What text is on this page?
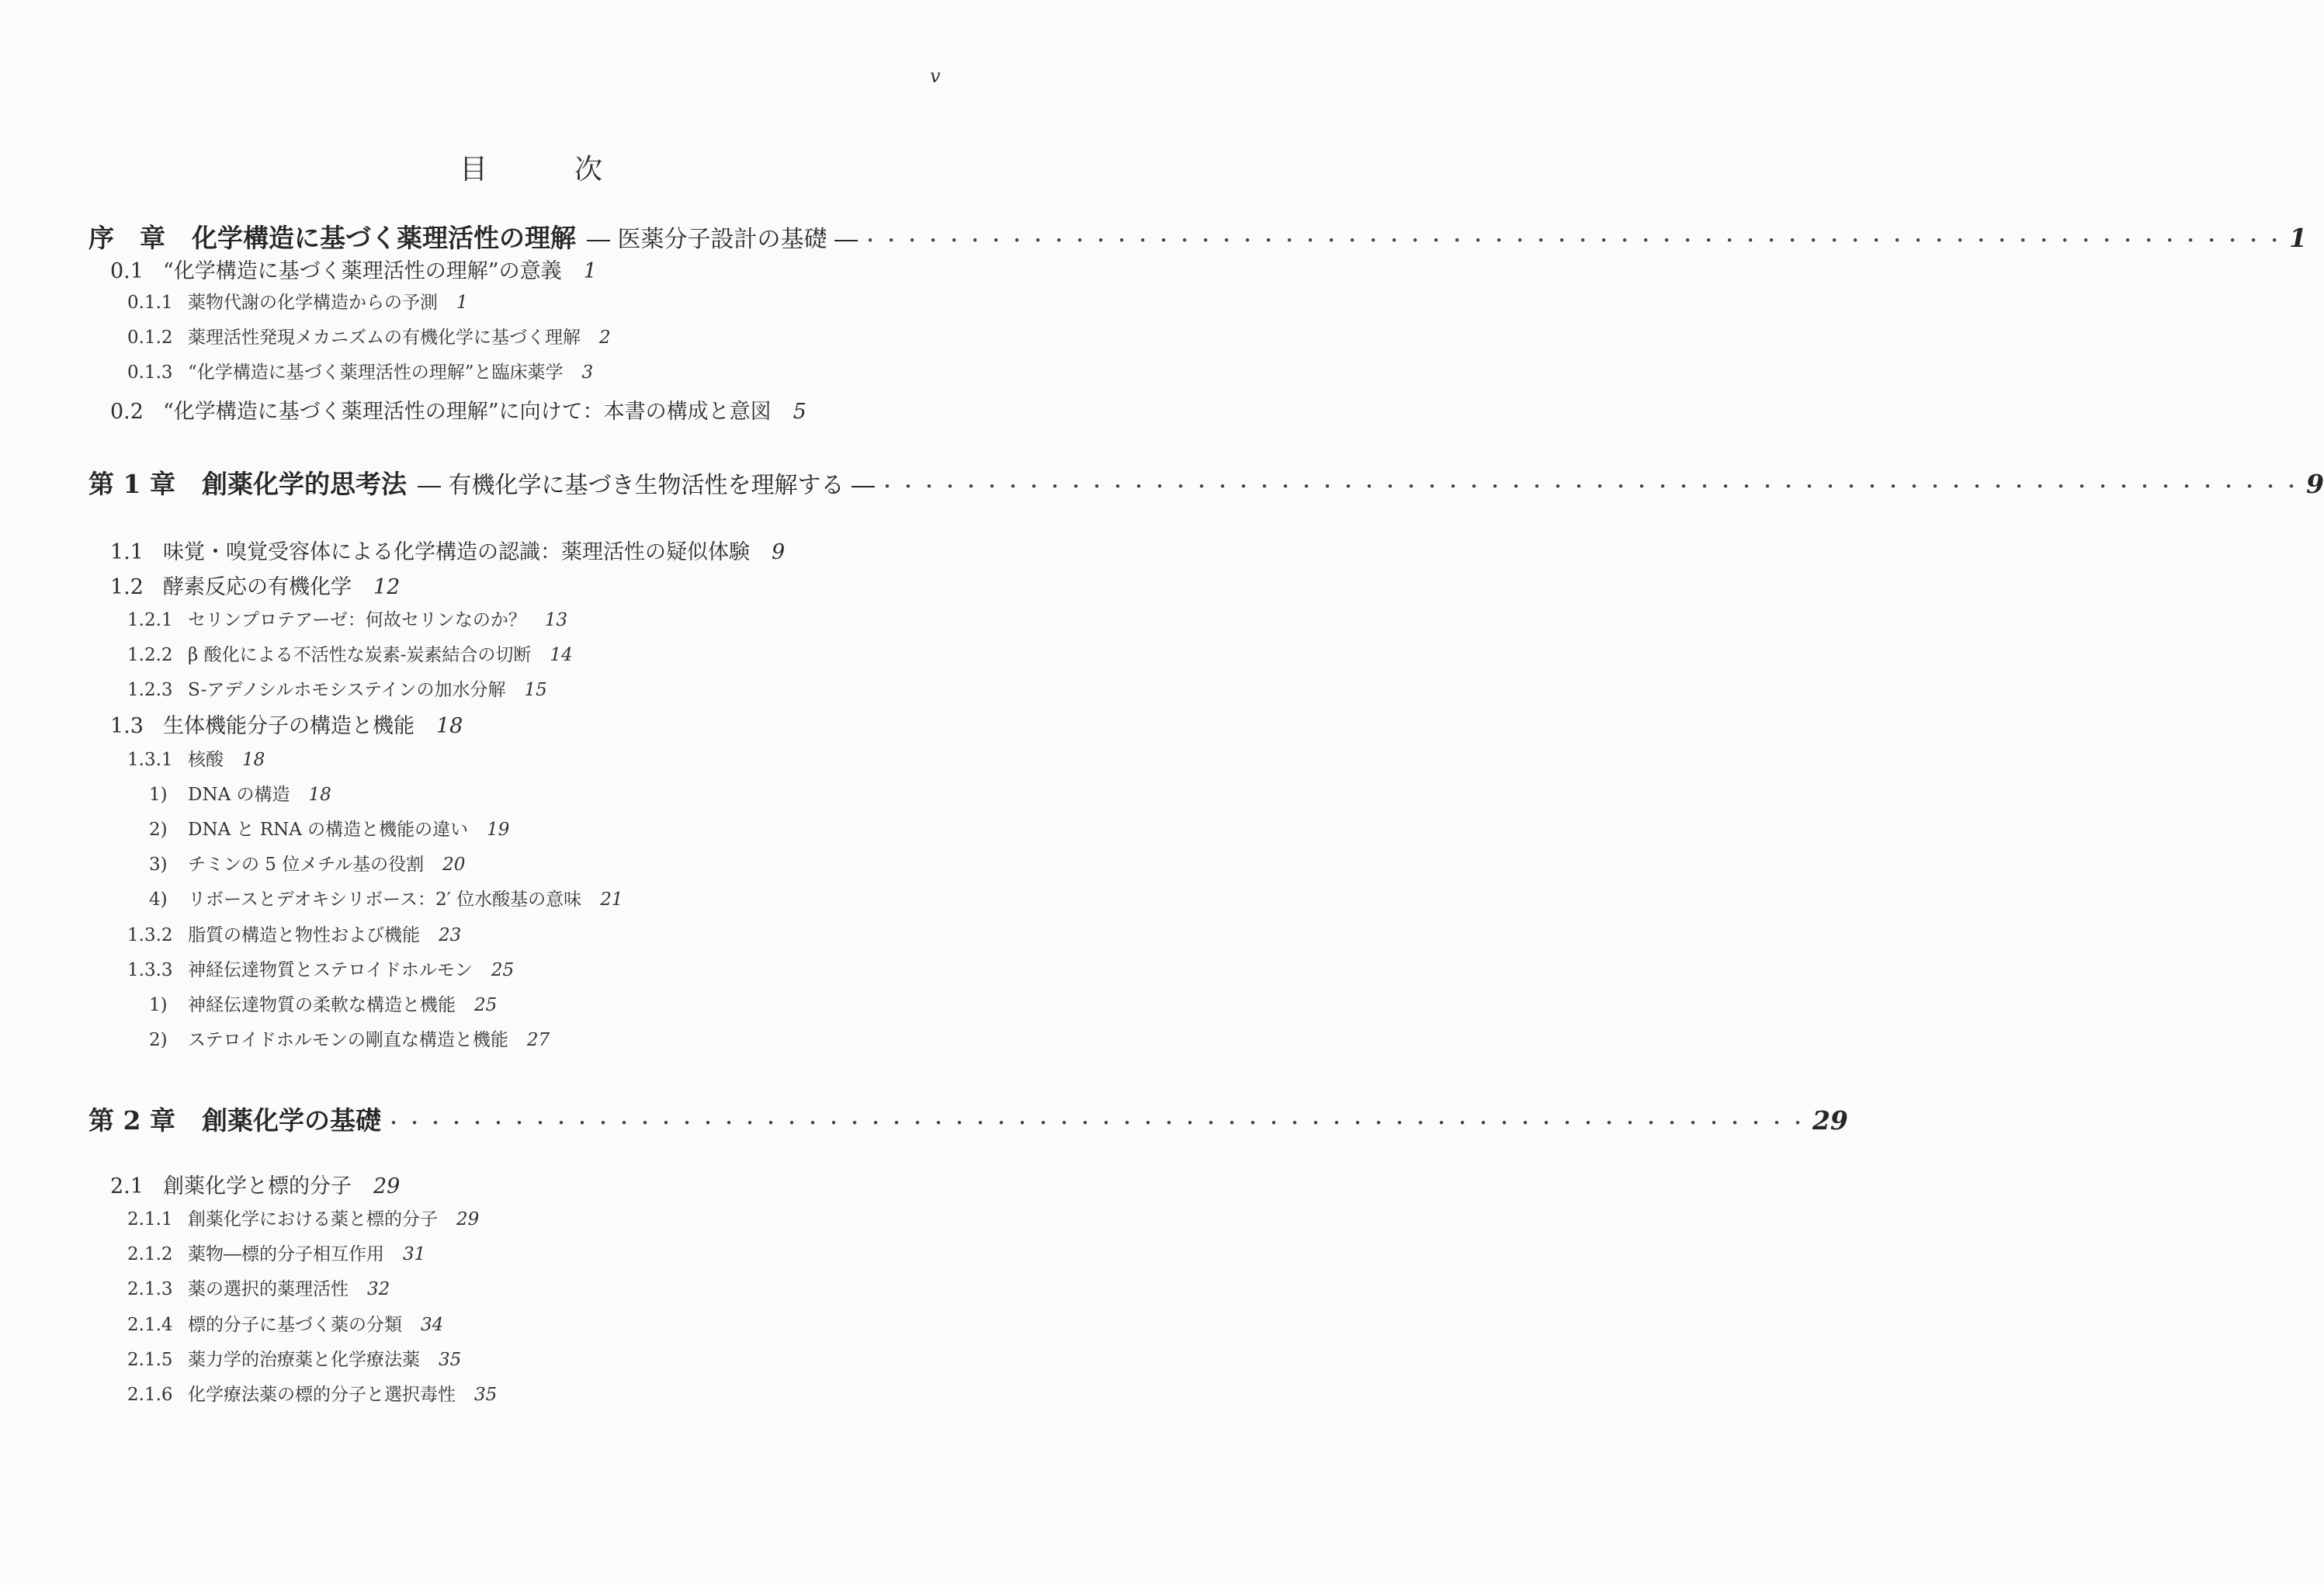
v
目	次
序　章 化学構造に基づく薬理活性の理解 ― 医薬分子設計の基礎 ― ・・・・・・・・・・・・・・・・・・・・・・・・・・・・・・・・・・・・・・・・・・・・・・・・・・・・・・・・・・・・・・・・・・・・ 1
0.1 “化学構造に基づく薬理活性の理解”の意義 1
0.1.1 薬物代謝の化学構造からの予測 1
0.1.2 薬理活性発現メカニズムの有機化学に基づく理解 2
0.1.3 “化学構造に基づく薬理活性の理解”と臨床薬学 3
0.2 “化学構造に基づく薬理活性の理解”に向けて：本書の構成と意図 5
第 1 章 創薬化学的思考法 ― 有機化学に基づき生物活性を理解する ― ・・・・・・・・・・・・・・・・・・・・・・・・・・・・・・・・・・・・・・・・・・・・・・・・・・・・・・・・・・・・・・・・・・・・ 9
1.1 味覚・嗅覚受容体による化学構造の認識：薬理活性の疑似体験 9
1.2 酵素反応の有機化学 12
1.2.1 セリンプロテアーゼ：何故セリンなのか？ 13
1.2.2 β 酸化による不活性な炭素-炭素結合の切断 14
1.2.3 S-アデノシルホモシステインの加水分解 15
1.3 生体機能分子の構造と機能 18
1.3.1 核酸 18
1)	DNA の構造 18
2)	DNA と RNA の構造と機能の違い 19
3)	チミンの 5 位メチル基の役割 20
4)	リボースとデオキシリボース：2′ 位水酸基の意味 21
1.3.2 脂質の構造と物性および機能 23
1.3.3 神経伝達物質とステロイドホルモン 25
1)	神経伝達物質の柔軟な構造と機能 25
2)	ステロイドホルモンの剛直な構造と機能 27
第 2 章 創薬化学の基礎 ・・・・・・・・・・・・・・・・・・・・・・・・・・・・・・・・・・・・・・・・・・・・・・・・・・・・・・・・・・・・・・・・・・・・ 29
2.1 創薬化学と標的分子 29
2.1.1 創薬化学における薬と標的分子 29
2.1.2 薬物―標的分子相互作用 31
2.1.3 薬の選択的薬理活性 32
2.1.4 標的分子に基づく薬の分類 34
2.1.5 薬力学的治療薬と化学療法薬 35
2.1.6 化学療法薬の標的分子と選択毒性 35
